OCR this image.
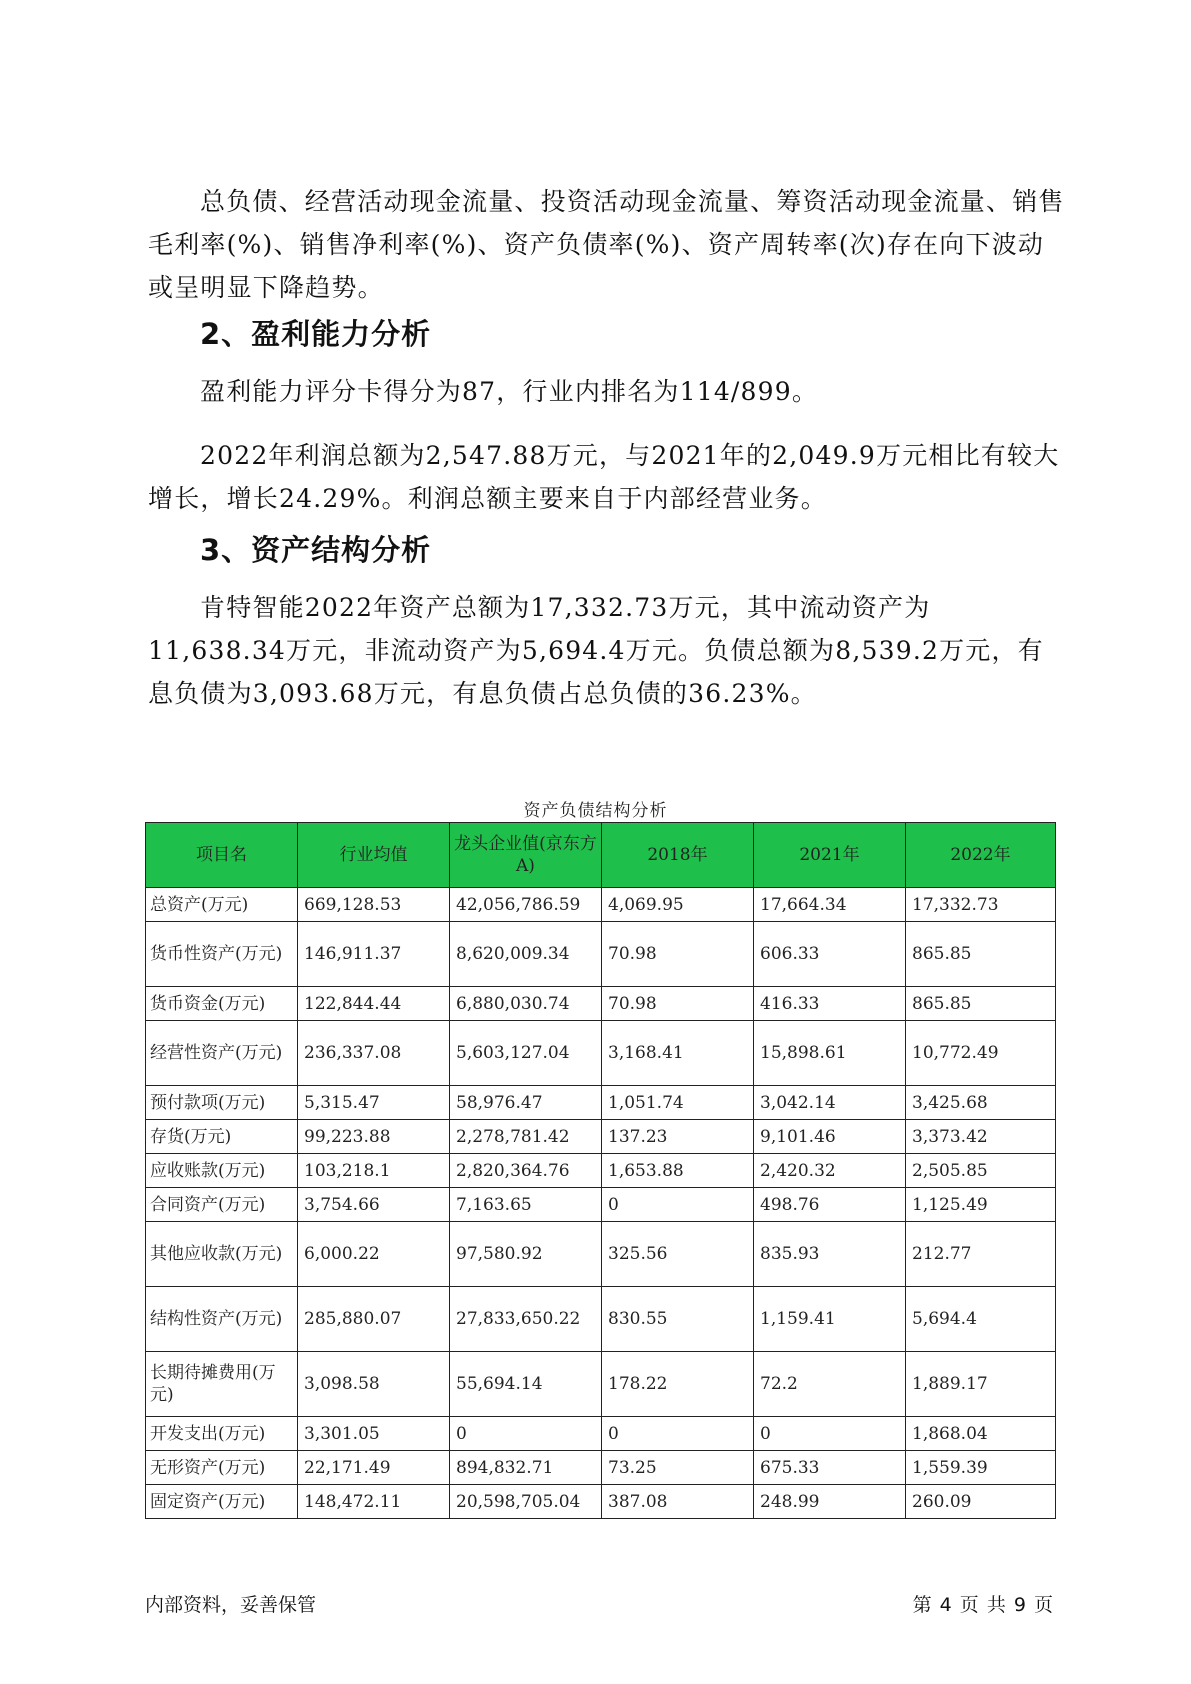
总负债、经营活动现金流量、投资活动现金流量、筹资活动现金流量、销售毛利率(%)、销售净利率(%)、资产负债率(%)、资产周转率(次)存在向下波动或呈明显下降趋势。

2、盈利能力分析

盈利能力评分卡得分为87，行业内排名为114/899。

2022年利润总额为2,547.88万元，与2021年的2,049.9万元相比有较大增长，增长24.29%。利润总额主要来自于内部经营业务。

3、资产结构分析

肯特智能2022年资产总额为17,332.73万元，其中流动资产为11,638.34万元，非流动资产为5,694.4万元。负债总额为8,539.2万元，有息负债为3,093.68万元，有息负债占总负债的36.23%。

资产负债结构分析
项目名	行业均值	龙头企业值(京东方A)	2018年	2021年	2022年
总资产(万元)	669,128.53	42,056,786.59	4,069.95	17,664.34	17,332.73
货币性资产(万元)	146,911.37	8,620,009.34	70.98	606.33	865.85
货币资金(万元)	122,844.44	6,880,030.74	70.98	416.33	865.85
经营性资产(万元)	236,337.08	5,603,127.04	3,168.41	15,898.61	10,772.49
预付款项(万元)	5,315.47	58,976.47	1,051.74	3,042.14	3,425.68
存货(万元)	99,223.88	2,278,781.42	137.23	9,101.46	3,373.42
应收账款(万元)	103,218.1	2,820,364.76	1,653.88	2,420.32	2,505.85
合同资产(万元)	3,754.66	7,163.65	0	498.76	1,125.49
其他应收款(万元)	6,000.22	97,580.92	325.56	835.93	212.77
结构性资产(万元)	285,880.07	27,833,650.22	830.55	1,159.41	5,694.4
长期待摊费用(万元)	3,098.58	55,694.14	178.22	72.2	1,889.17
开发支出(万元)	3,301.05	0	0	0	1,868.04
无形资产(万元)	22,171.49	894,832.71	73.25	675.33	1,559.39
固定资产(万元)	148,472.11	20,598,705.04	387.08	248.99	260.09
内部资料，妥善保管	第 4 页 共 9 页
